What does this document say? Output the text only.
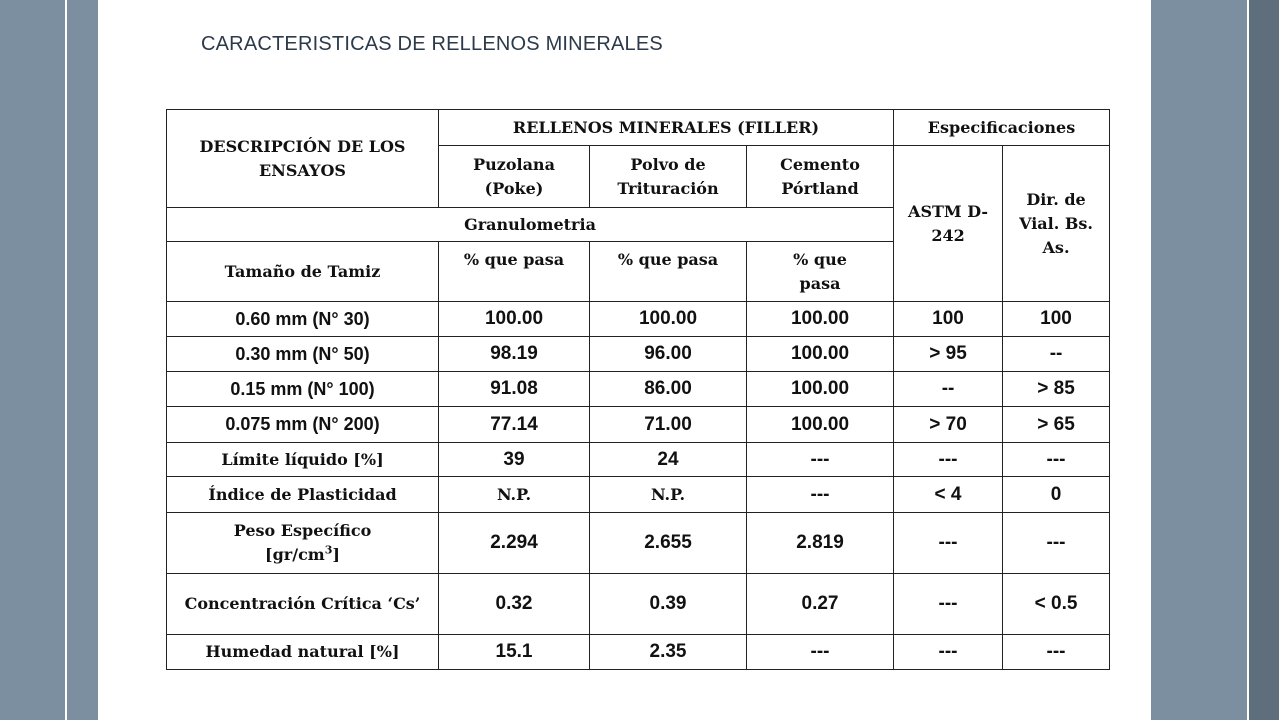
CARACTERISTICAS DE RELLENOS MINERALES
DESCRIPCIÓN DE LOS ENSAYOS	RELLENOS MINERALES (FILLER)			Especificaciones	
	Puzolana (Poke)	Polvo de Trituración	Cemento Pórtland	ASTM D-242	Dir. de Vial. Bs. As.
Granulometria					
Tamaño de Tamiz	% que pasa	% que pasa	% que pasa		
0.60 mm (N° 30)	100.00	100.00	100.00	100	100
0.30 mm (N° 50)	98.19	96.00	100.00	> 95	--
0.15 mm (N° 100)	91.08	86.00	100.00	--	> 85
0.075 mm (N° 200)	77.14	71.00	100.00	> 70	> 65
Límite líquido [%]	39	24	---	---	---
Índice de Plasticidad	N.P.	N.P.	---	< 4	0
Peso Específico $[gr/cm^3]$	2.294	2.655	2.819	---	---
Concentración Crítica ‘Cs’	0.32	0.39	0.27	---	< 0.5
Humedad natural [%]	15.1	2.35	---	---	---
